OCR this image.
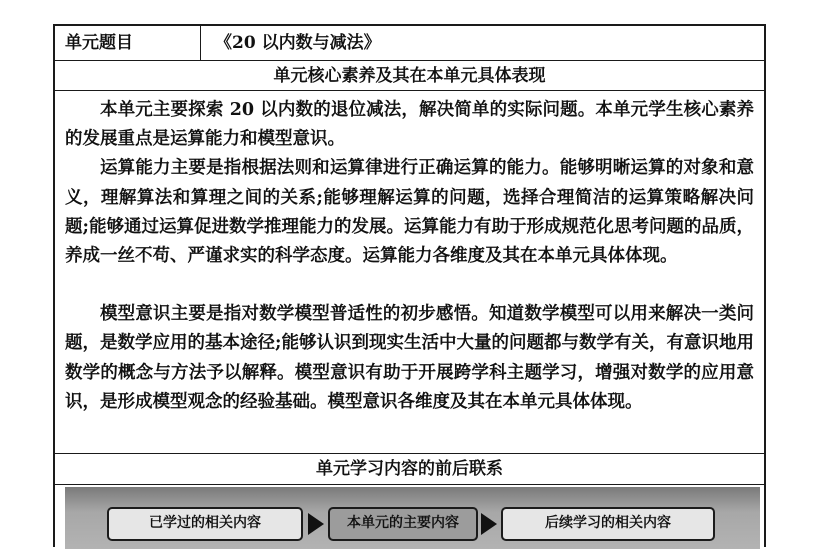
单元题目	《20 以内数与减法》
单元核心素养及其在本单元具体表现

本单元主要探索 20 以内数的退位减法，解决简单的实际问题。本单元学生核心素养的发展重点是运算能力和模型意识。

运算能力主要是指根据法则和运算律进行正确运算的能力。能够明晰运算的对象和意义，理解算法和算理之间的关系;能够理解运算的问题，选择合理简洁的运算策略解决问题;能够通过运算促进数学推理能力的发展。运算能力有助于形成规范化思考问题的品质，养成一丝不苟、严谨求实的科学态度。运算能力各维度及其在本单元具体体现。

模型意识主要是指对数学模型普适性的初步感悟。知道数学模型可以用来解决一类问题，是数学应用的基本途径;能够认识到现实生活中大量的问题都与数学有关，有意识地用数学的概念与方法予以解释。模型意识有助于开展跨学科主题学习，增强对数学的应用意识，是形成模型观念的经验基础。模型意识各维度及其在本单元具体体现。

单元学习内容的前后联系
已学过的相关内容	本单元的主要内容	后续学习的相关内容
